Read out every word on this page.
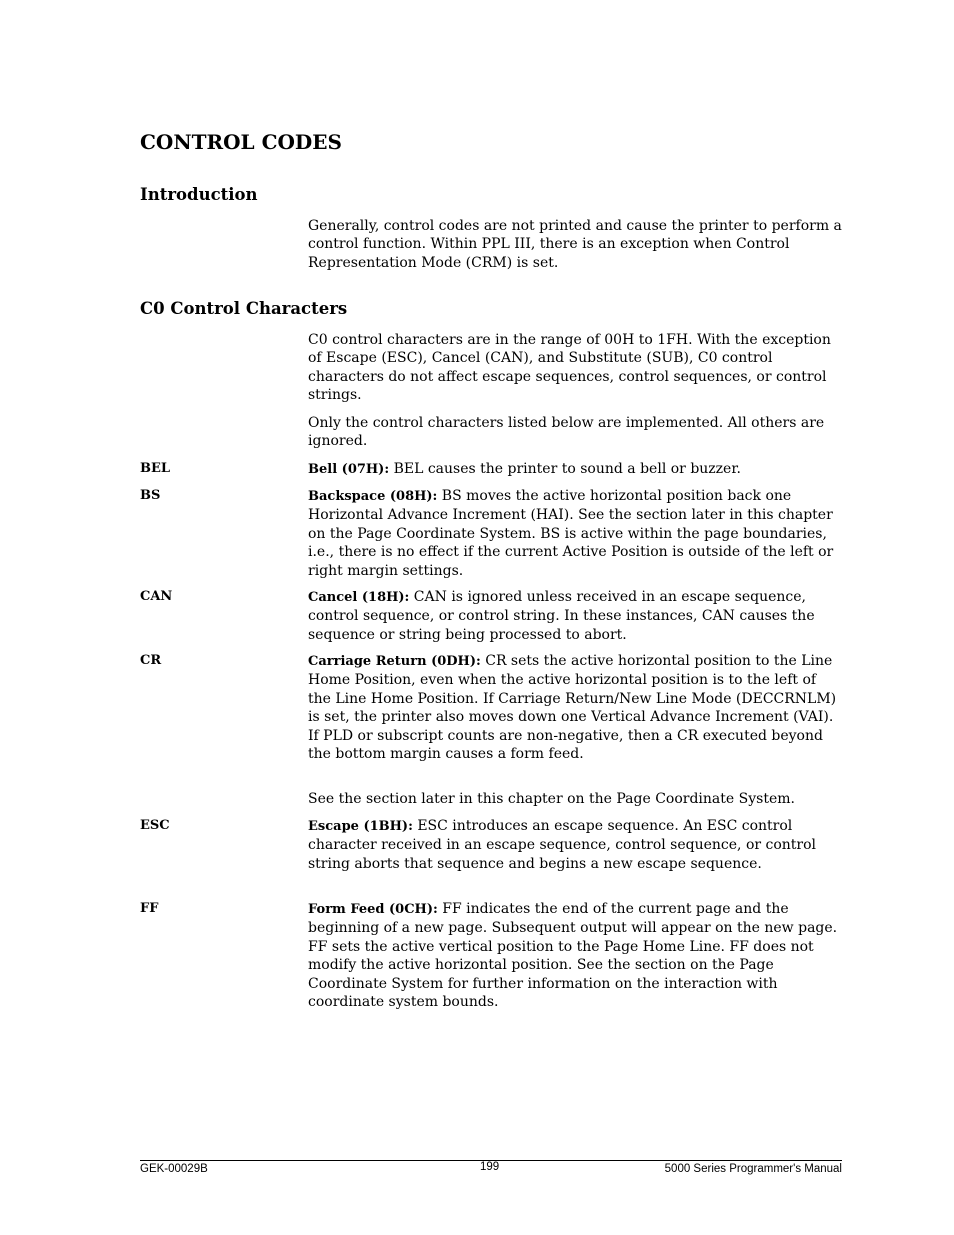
CONTROL CODES
Introduction

Generally, control codes are not printed and cause the printer to perform a control function. Within PPL III, there is an exception when Control Representation Mode (CRM) is set.

C0 Control Characters

C0 control characters are in the range of 00H to 1FH. With the exception of Escape (ESC), Cancel (CAN), and Substitute (SUB), C0 control characters do not affect escape sequences, control sequences, or control strings.

Only the control characters listed below are implemented. All others are ignored.

BEL	Bell (07H): BEL causes the printer to sound a bell or buzzer.

BS	Backspace (08H): BS moves the active horizontal position back one Horizontal Advance Increment (HAI). See the section later in this chapter on the Page Coordinate System. BS is active within the page boundaries, i.e., there is no effect if the current Active Position is outside of the left or right margin settings.

CAN	Cancel (18H): CAN is ignored unless received in an escape sequence, control sequence, or control string. In these instances, CAN causes the sequence or string being processed to abort.

CR	Carriage Return (0DH): CR sets the active horizontal position to the Line Home Position, even when the active horizontal position is to the left of the Line Home Position. If Carriage Return/New Line Mode (DECCRNLM) is set, the printer also moves down one Vertical Advance Increment (VAI). If PLD or subscript counts are non-negative, then a CR executed beyond the bottom margin causes a form feed.

See the section later in this chapter on the Page Coordinate System.

ESC	Escape (1BH): ESC introduces an escape sequence. An ESC control character received in an escape sequence, control sequence, or control string aborts that sequence and begins a new escape sequence.

FF	Form Feed (0CH): FF indicates the end of the current page and the beginning of a new page. Subsequent output will appear on the new page. FF sets the active vertical position to the Page Home Line. FF does not modify the active horizontal position. See the section on the Page Coordinate System for further information on the interaction with coordinate system bounds.

GEK-00029B	199	5000 Series Programmer's Manual
